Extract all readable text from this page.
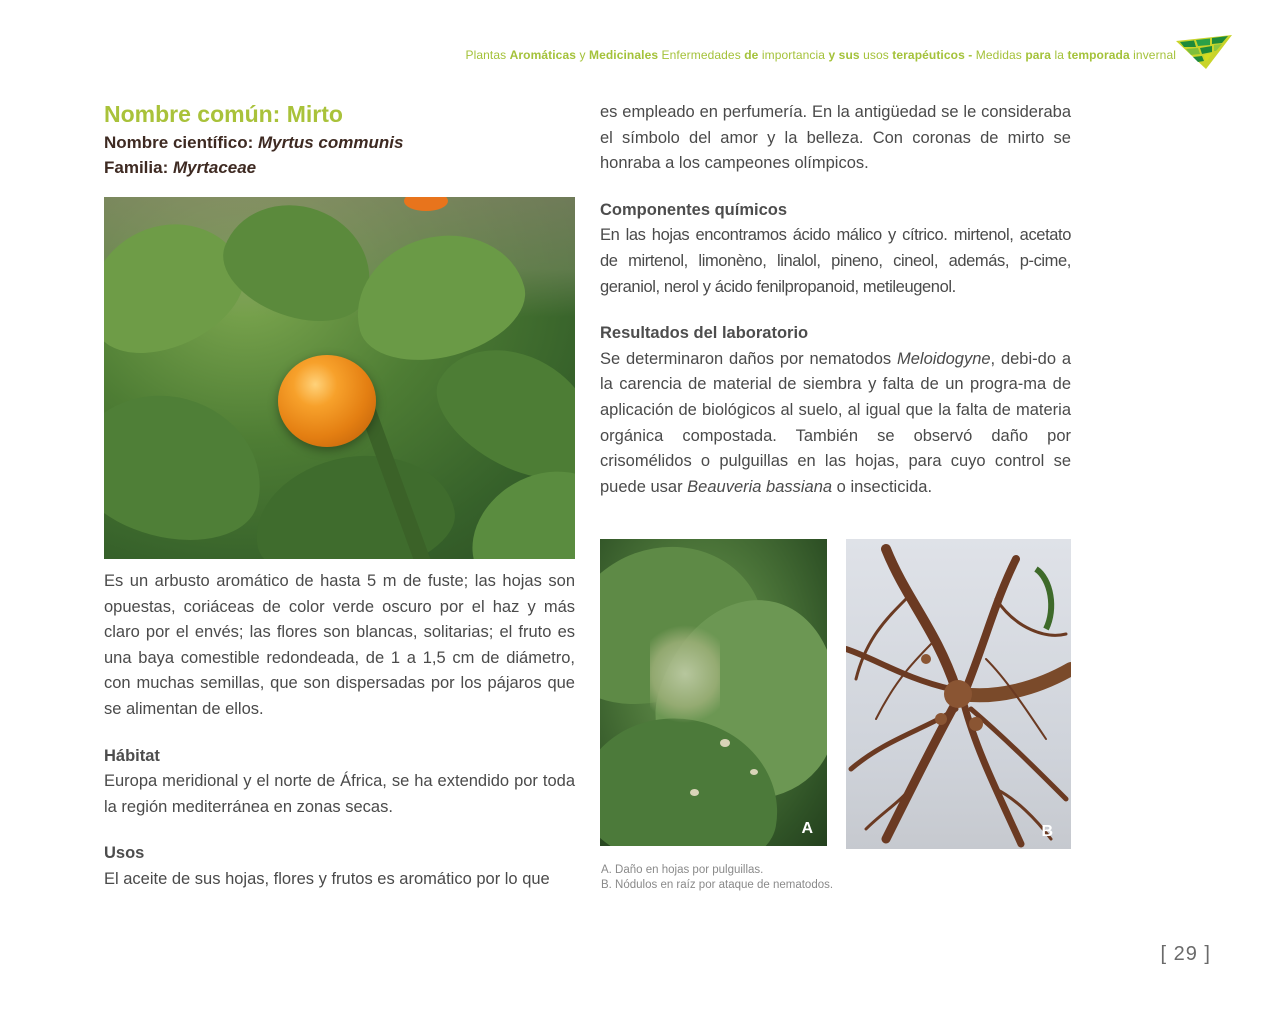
Plantas Aromáticas y Medicinales Enfermedades de importancia y sus usos terapéuticos - Medidas para la temporada invernal
Nombre común: Mirto

Nombre científico: Myrtus communis

Familia: Myrtaceae

Es un arbusto aromático de hasta 5 m de fuste; las hojas son opuestas, coriáceas de color verde oscuro por el haz y más claro por el envés; las flores son blancas, solitarias; el fruto es una baya comestible redondeada, de 1 a 1,5 cm de diámetro, con muchas semillas, que son dispersadas por los pájaros que se alimentan de ellos.

Hábitat

Europa meridional y el norte de África, se ha extendido por toda la región mediterránea en zonas secas.

Usos

El aceite de sus hojas, flores y frutos es aromático por lo que

es empleado en perfumería. En la antigüedad se le consideraba el símbolo del amor y la belleza. Con coronas de mirto se honraba a los campeones olímpicos.

Componentes químicos

En las hojas encontramos ácido málico y cítrico. mirtenol, acetato de mirtenol, limonèno, linalol, pineno, cineol, además, p-cime, geraniol, nerol y ácido fenilpropanoid, metileugenol.

Resultados del laboratorio

Se determinaron daños por nematodos Meloidogyne, debi-do a la carencia de material de siembra y falta de un progra-ma de aplicación de biológicos al suelo, al igual que la falta de materia orgánica compostada. También se observó daño por crisomélidos o pulguillas en las hojas, para cuyo control se puede usar Beauveria bassiana o insecticida.

A	B
A. Daño en hojas por pulguillas.
B. Nódulos en raíz por ataque de nematodos.
[ 29 ]
